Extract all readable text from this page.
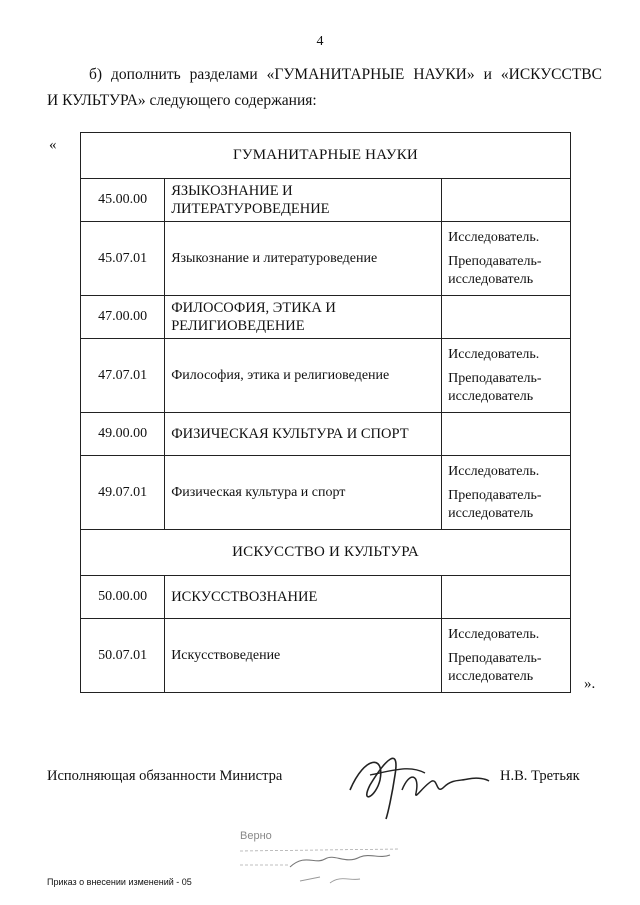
4
б) дополнить разделами «ГУМАНИТАРНЫЕ НАУКИ» и «ИСКУССТВС
И КУЛЬТУРА» следующего содержания:
«
ГУМАНИТАРНЫЕ НАУКИ		
45.00.00	ЯЗЫКОЗНАНИЕ И ЛИТЕРАТУРОВЕДЕНИЕ	
45.07.01	Языкознание и литературоведение	Исследователь.
Преподаватель-исследователь

47.00.00	ФИЛОСОФИЯ, ЭТИКА И РЕЛИГИОВЕДЕНИЕ	
47.07.01	Философия, этика и религиоведение	Исследователь.
Преподаватель-исследователь

49.00.00	ФИЗИЧЕСКАЯ КУЛЬТУРА И СПОРТ	
49.07.01	Физическая культура и спорт	Исследователь.
Преподаватель-исследователь

ИСКУССТВО И КУЛЬТУРА		
50.00.00	ИСКУССТВОЗНАНИЕ	
50.07.01	Искусствоведение	Исследователь.
Преподаватель-исследователь	».
Исполняющая обязанности Министра	Н.В. Третьяк
Верно
Приказ о внесении изменений - 05
